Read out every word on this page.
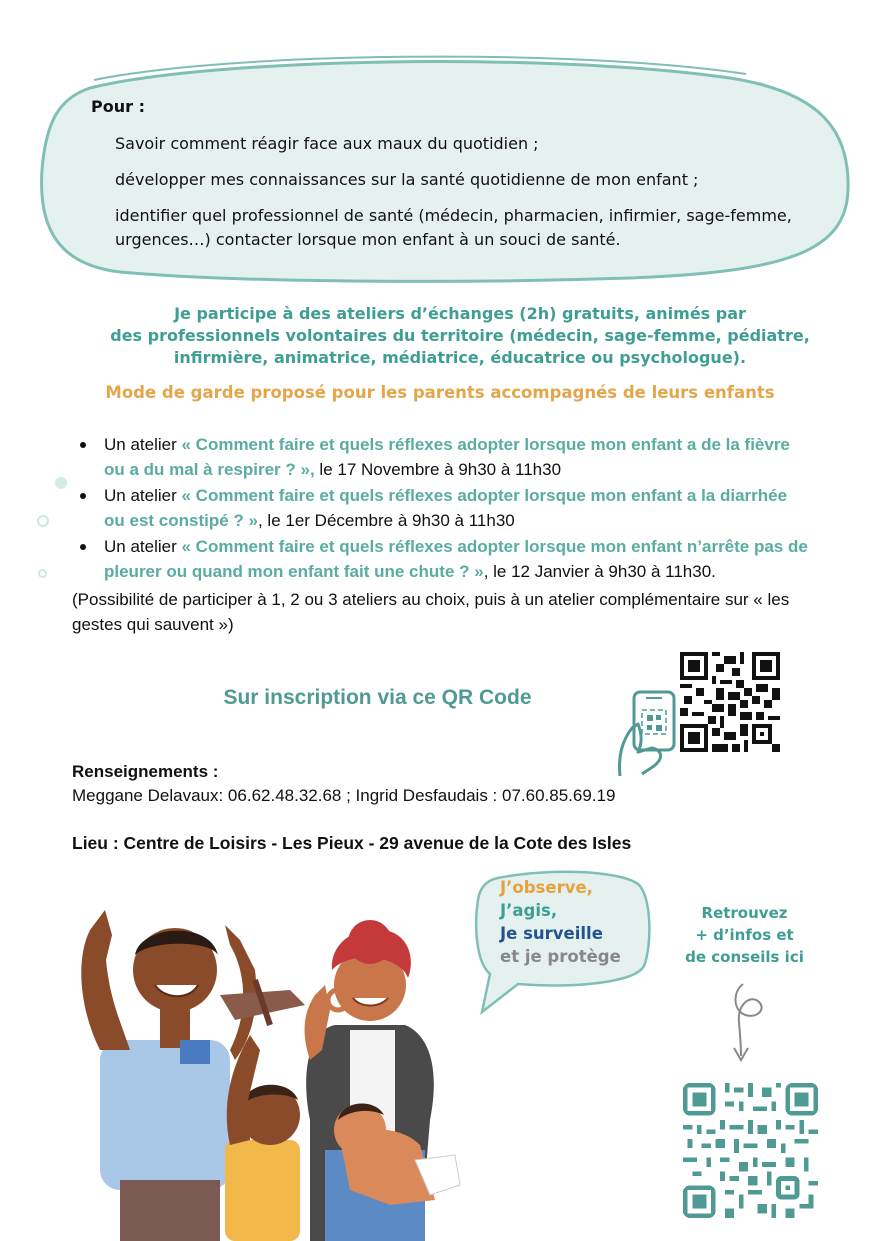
Pour :

Savoir comment réagir face aux maux du quotidien ;

développer mes connaissances sur la santé quotidienne de mon enfant ;

identifier quel professionnel de santé (médecin, pharmacien, infirmier, sage-femme, urgences…) contacter lorsque mon enfant à un souci de santé.

Je participe à des ateliers d’échanges (2h) gratuits, animés par
des professionnels volontaires du territoire (médecin, sage-femme, pédiatre,
infirmière, animatrice, médiatrice, éducatrice ou psychologue).
Mode de garde proposé pour les parents accompagnés de leurs enfants
Un atelier « Comment faire et quels réflexes adopter lorsque mon enfant a de la fièvre ou a du mal à respirer ? », le 17 Novembre à 9h30 à 11h30
Un atelier « Comment faire et quels réflexes adopter lorsque mon enfant a la diarrhée ou est constipé ? », le 1er Décembre à 9h30 à 11h30
Un atelier « Comment faire et quels réflexes adopter lorsque mon enfant n’arrête pas de pleurer ou quand mon enfant fait une chute ? », le 12 Janvier à 9h30 à 11h30.

(Possibilité de participer à 1, 2 ou 3 ateliers au choix, puis à un atelier complémentaire sur « les gestes qui sauvent »)

Sur inscription via ce QR Code
Renseignements :
Meggane Delavaux: 06.62.48.32.68 ; Ingrid Desfaudais : 07.60.85.69.19
Lieu : Centre de Loisirs - Les Pieux - 29 avenue de la Cote des Isles
J’observe,
J’agis,
Je surveille
et je protège
Retrouvez
+ d’infos et
de conseils ici
